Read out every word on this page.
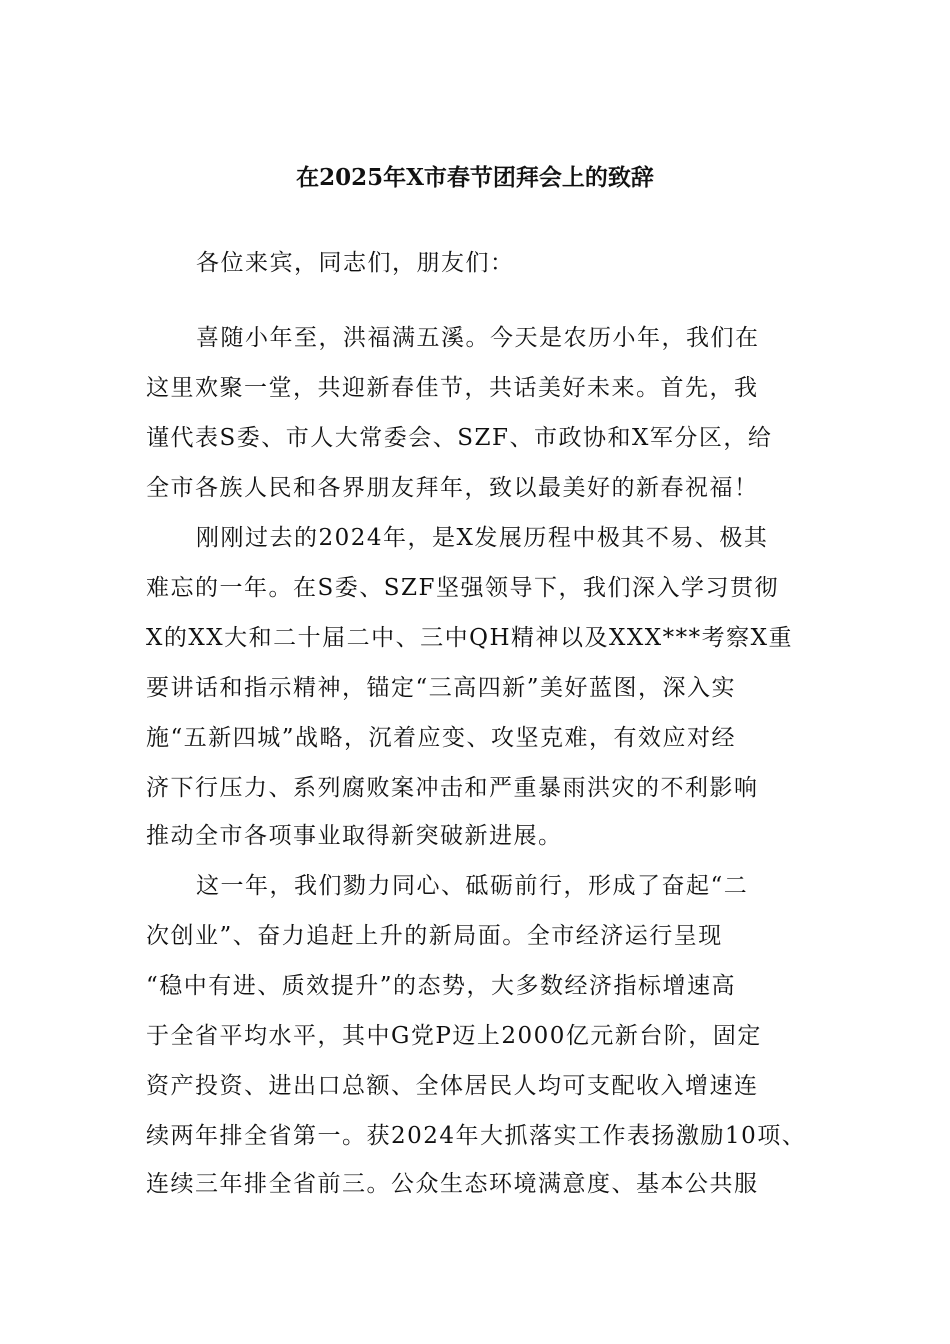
在2025年X市春节团拜会上的致辞
各位来宾，同志们，朋友们：
喜随小年至，洪福满五溪。今天是农历小年，我们在
这里欢聚一堂，共迎新春佳节，共话美好未来。首先，我
谨代表S委、市人大常委会、SZF、市政协和X军分区，给
全市各族人民和各界朋友拜年，致以最美好的新春祝福！
刚刚过去的2024年，是X发展历程中极其不易、极其
难忘的一年。在S委、SZF坚强领导下，我们深入学习贯彻
X的XX大和二十届二中、三中QH精神以及XXX***考察X重
要讲话和指示精神，锚定“三高四新”美好蓝图，深入实
施“五新四城”战略，沉着应变、攻坚克难，有效应对经
济下行压力、系列腐败案冲击和严重暴雨洪灾的不利影响
推动全市各项事业取得新突破新进展。
这一年，我们勠力同心、砥砺前行，形成了奋起“二
次创业”、奋力追赶上升的新局面。全市经济运行呈现
“稳中有进、质效提升”的态势，大多数经济指标增速高
于全省平均水平，其中G党P迈上2000亿元新台阶，固定
资产投资、进出口总额、全体居民人均可支配收入增速连
续两年排全省第一。获2024年大抓落实工作表扬激励10项、
连续三年排全省前三。公众生态环境满意度、基本公共服
